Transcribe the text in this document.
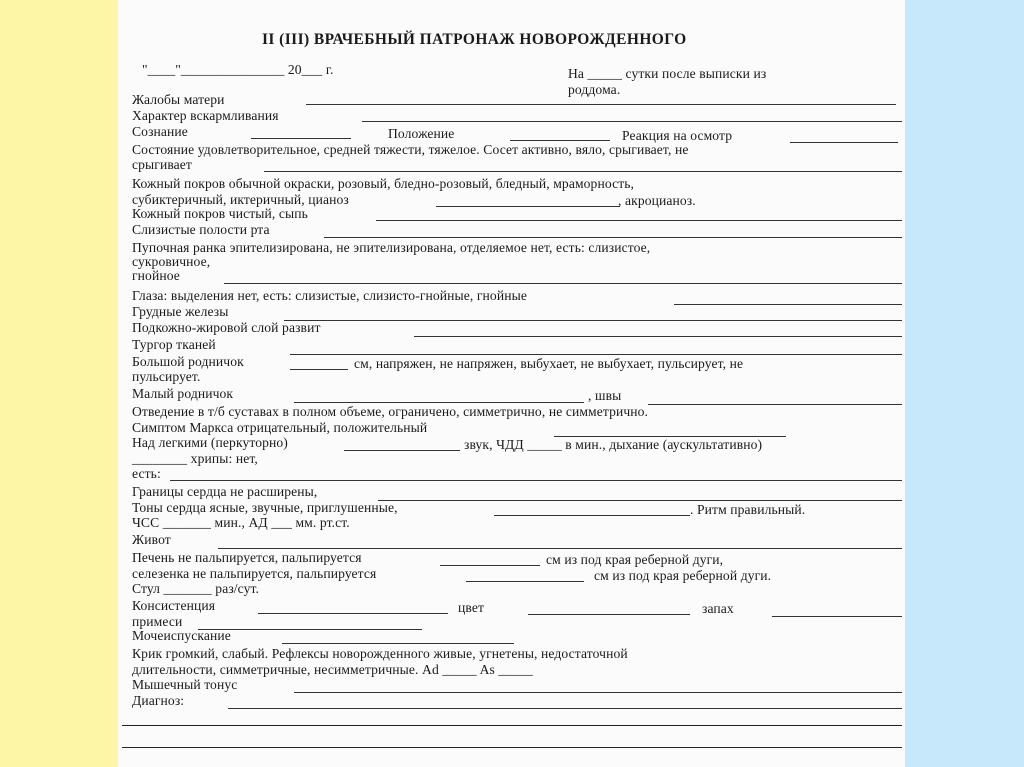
II (III) ВРАЧЕБНЫЙ ПАТРОНАЖ НОВОРОЖДЕННОГО
"____"_______________ 20___ г.	На _____ сутки после выписки из
роддома.
Жалобы матери
Характер вскармливания
Сознание	Положение	Реакция на осмотр
Состояние удовлетворительное, средней тяжести, тяжелое. Сосет активно, вяло, срыгивает, не
срыгивает
Кожный покров обычной окраски, розовый, бледно-розовый, бледный, мраморность,
субиктеричный, иктеричный, цианоз	, акроцианоз.
Кожный покров чистый, сыпь
Слизистые полости рта
Пупочная ранка эпителизирована, не эпителизирована, отделяемое нет, есть: слизистое,
сукровичное,
гнойное
Глаза: выделения нет, есть: слизистые, слизисто-гнойные, гнойные
Грудные железы
Подкожно-жировой слой развит
Тургор тканей
Большой родничок	см, напряжен, не напряжен, выбухает, не выбухает, пульсирует, не
пульсирует.
Малый родничок	, швы
Отведение в т/б суставах в полном объеме, ограничено, симметрично, не симметрично.
Симптом Маркса отрицательный, положительный
Над легкими (перкуторно)	звук, ЧДД _____ в мин., дыхание (аускультативно)
________ хрипы: нет,
есть:
Границы сердца не расширены,
Тоны сердца ясные, звучные, приглушенные,	. Ритм правильный.
ЧСС _______ мин., АД ___ мм. рт.ст.
Живот
Печень не пальпируется, пальпируется	см из под края реберной дуги,
селезенка не пальпируется, пальпируется	см из под края реберной дуги.
Стул _______ раз/сут.
Консистенция	цвет	запах
примеси
Мочеиспускание
Крик громкий, слабый. Рефлексы новорожденного живые, угнетены, недостаточной
длительности, симметричные, несимметричные. Ad _____ As _____
Мышечный тонус
Диагноз:
